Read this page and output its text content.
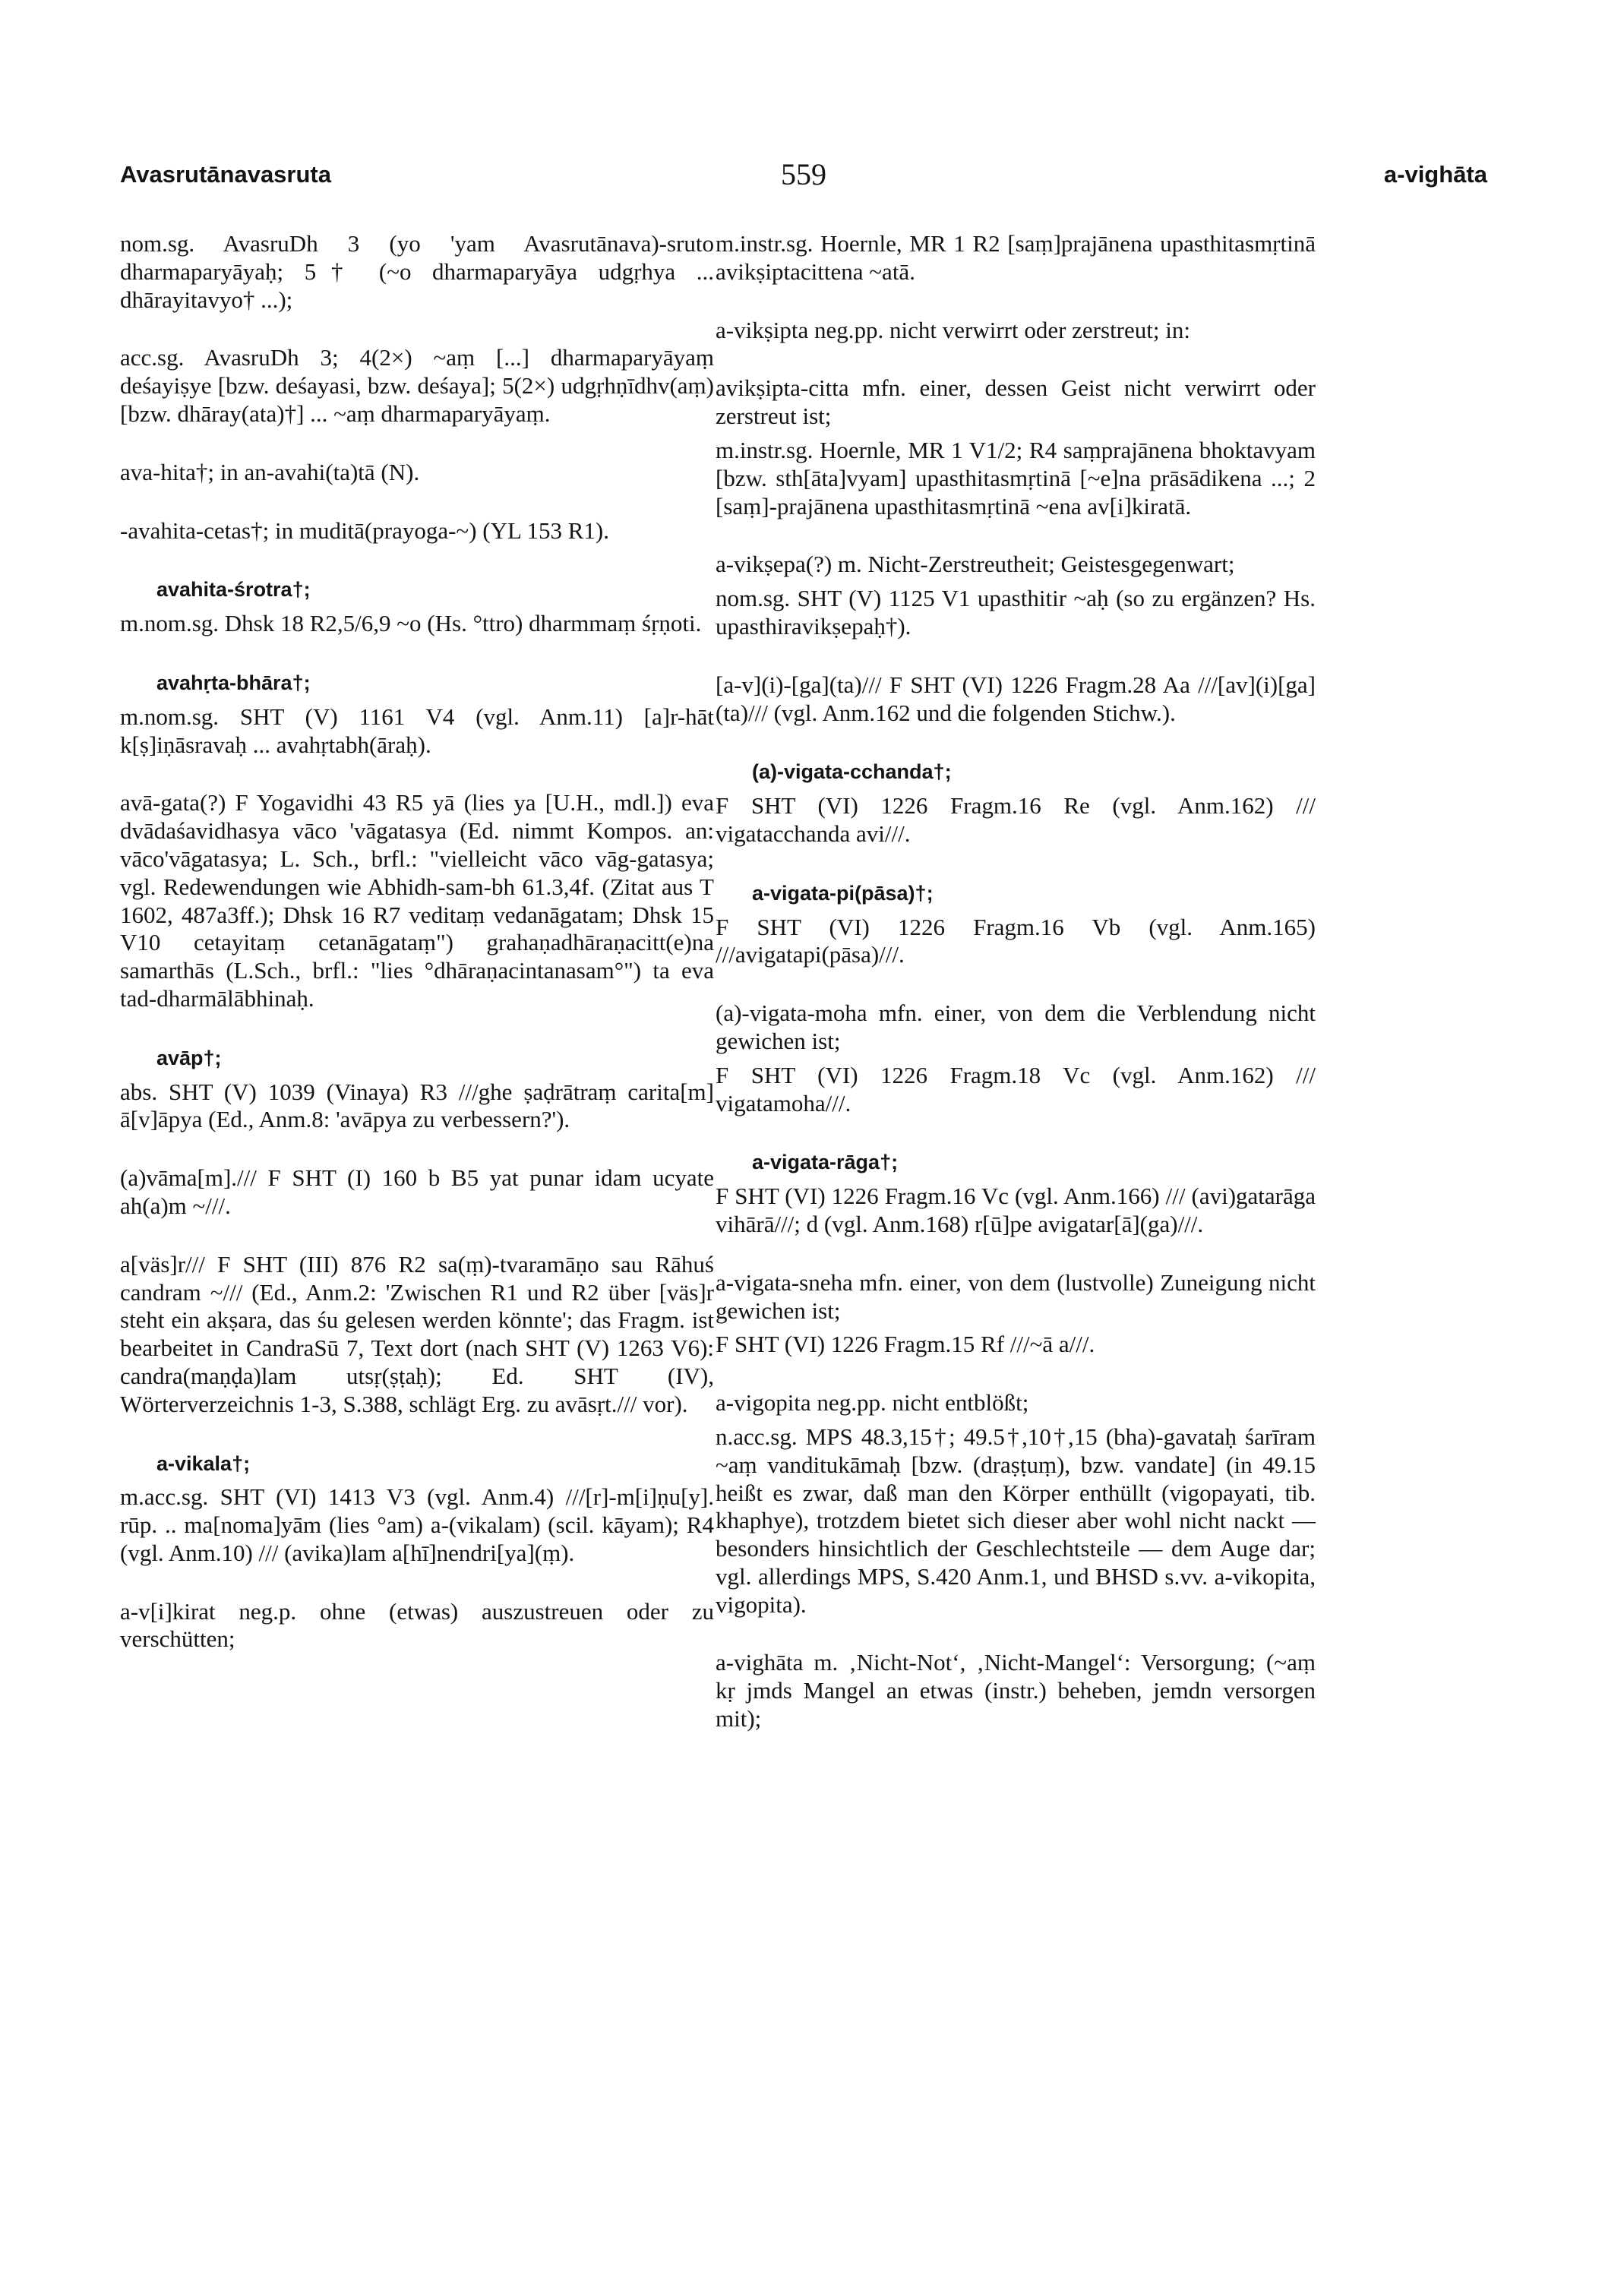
Avasrutānavasruta	559	a-vighāta

nom.sg. AvasruDh 3 (yo 'yam Avasrutānava)-sruto dharmaparyāyaḥ; 5† (~o dharmaparyāya udgṛhya ... dhārayitavyo† ...);

acc.sg. AvasruDh 3; 4(2×) ~aṃ [...] dharmaparyāyaṃ deśayiṣye [bzw. deśayasi, bzw. deśaya]; 5(2×) udgṛhṇīdhv(aṃ) [bzw. dhāray(ata)†] ... ~aṃ dharmaparyāyaṃ.

ava-hita†; in an-avahi(ta)tā (N).

-avahita-cetas†; in muditā(prayoga-~) (YL 153 R1).

avahita-śrotra†;

m.nom.sg. Dhsk 18 R2,5/6,9 ~o (Hs. °ttro) dharmmaṃ śṛṇoti.

avahṛta-bhāra†;

m.nom.sg. SHT (V) 1161 V4 (vgl. Anm.11) [a]r-hāt k[ṣ]iṇāsravaḥ ... avahṛtabh(āraḥ).

avā-gata(?) F Yogavidhi 43 R5 yā (lies ya [U.H., mdl.]) eva dvādaśavidhasya vāco 'vāgatasya (Ed. nimmt Kompos. an: vāco'vāgatasya; L. Sch., brfl.: "vielleicht vāco vāg-gatasya; vgl. Redewendungen wie Abhidh-sam-bh 61.3,4f. (Zitat aus T 1602, 487a3ff.); Dhsk 16 R7 veditaṃ vedanāgatam; Dhsk 15 V10 cetayitaṃ cetanāgataṃ") grahaṇadhāraṇacitt(e)na samarthās (L.Sch., brfl.: "lies °dhāraṇacintanasam°") ta eva tad-dharmālābhinaḥ.

avāp†;

abs. SHT (V) 1039 (Vinaya) R3 ///ghe ṣaḍrātraṃ carita[m] ā[v]āpya (Ed., Anm.8: 'avāpya zu verbessern?').

(a)vāma[m]./// F SHT (I) 160 b B5 yat punar idam ucyate ah(a)m ~///.

a[väs]r/// F SHT (III) 876 R2 sa(ṃ)-tvaramāṇo sau Rāhuś candram ~/// (Ed., Anm.2: 'Zwischen R1 und R2 über [väs]r steht ein akṣara, das śu gelesen werden könnte'; das Fragm. ist bearbeitet in CandraSū 7, Text dort (nach SHT (V) 1263 V6): candra(maṇḍa)lam utsṛ(ṣṭaḥ); Ed. SHT (IV), Wörterverzeichnis 1-3, S.388, schlägt Erg. zu avāsṛt./// vor).

a-vikala†;

m.acc.sg. SHT (VI) 1413 V3 (vgl. Anm.4) ///[r]-m[i]ṇu[y]. rūp. .. ma[noma]yām (lies °am) a-(vikalam) (scil. kāyam); R4 (vgl. Anm.10) /// (avika)lam a[hī]nendri[ya](ṃ).

a-v[i]kirat neg.p. ohne (etwas) auszustreuen oder zu verschütten;

m.instr.sg. Hoernle, MR 1 R2 [saṃ]prajānena upasthitasmṛtinā avikṣiptacittena ~atā.

a-vikṣipta neg.pp. nicht verwirrt oder zerstreut; in:

avikṣipta-citta mfn. einer, dessen Geist nicht verwirrt oder zerstreut ist;

m.instr.sg. Hoernle, MR 1 V1/2; R4 saṃprajānena bhoktavyam [bzw. sth[āta]vyam] upasthitasmṛtinā [~e]na prāsādikena ...; 2 [saṃ]-prajānena upasthitasmṛtinā ~ena av[i]kiratā.

a-vikṣepa(?) m. Nicht-Zerstreutheit; Geistesgegenwart;

nom.sg. SHT (V) 1125 V1 upasthitir ~aḥ (so zu ergänzen? Hs. upasthiravikṣepaḥ†).

[a-v](i)-[ga](ta)/// F SHT (VI) 1226 Fragm.28 Aa ///[av](i)[ga](ta)/// (vgl. Anm.162 und die folgenden Stichw.).

(a)-vigata-cchanda†;

F SHT (VI) 1226 Fragm.16 Re (vgl. Anm.162) /// vigatacchanda avi///.

a-vigata-pi(pāsa)†;

F SHT (VI) 1226 Fragm.16 Vb (vgl. Anm.165) ///avigatapi(pāsa)///.

(a)-vigata-moha mfn. einer, von dem die Verblendung nicht gewichen ist;

F SHT (VI) 1226 Fragm.18 Vc (vgl. Anm.162) /// vigatamoha///.

a-vigata-rāga†;

F SHT (VI) 1226 Fragm.16 Vc (vgl. Anm.166) /// (avi)gatarāga vihārā///; d (vgl. Anm.168) r[ū]pe avigatar[ā](ga)///.

a-vigata-sneha mfn. einer, von dem (lustvolle) Zuneigung nicht gewichen ist;

F SHT (VI) 1226 Fragm.15 Rf ///~ā a///.

a-vigopita neg.pp. nicht entblößt;

n.acc.sg. MPS 48.3,15†; 49.5†,10†,15 (bha)-gavataḥ śarīram ~aṃ vanditukāmaḥ [bzw. (draṣṭuṃ), bzw. vandate] (in 49.15 heißt es zwar, daß man den Körper enthüllt (vigopayati, tib. khaphye), trotzdem bietet sich dieser aber wohl nicht nackt — besonders hinsichtlich der Geschlechtsteile — dem Auge dar; vgl. allerdings MPS, S.420 Anm.1, und BHSD s.vv. a-vikopita, vigopita).

a-vighāta m. ‚Nicht-Not‘, ‚Nicht-Mangel‘: Versorgung; (~aṃ kṛ jmds Mangel an etwas (instr.) beheben, jemdn versorgen mit);
